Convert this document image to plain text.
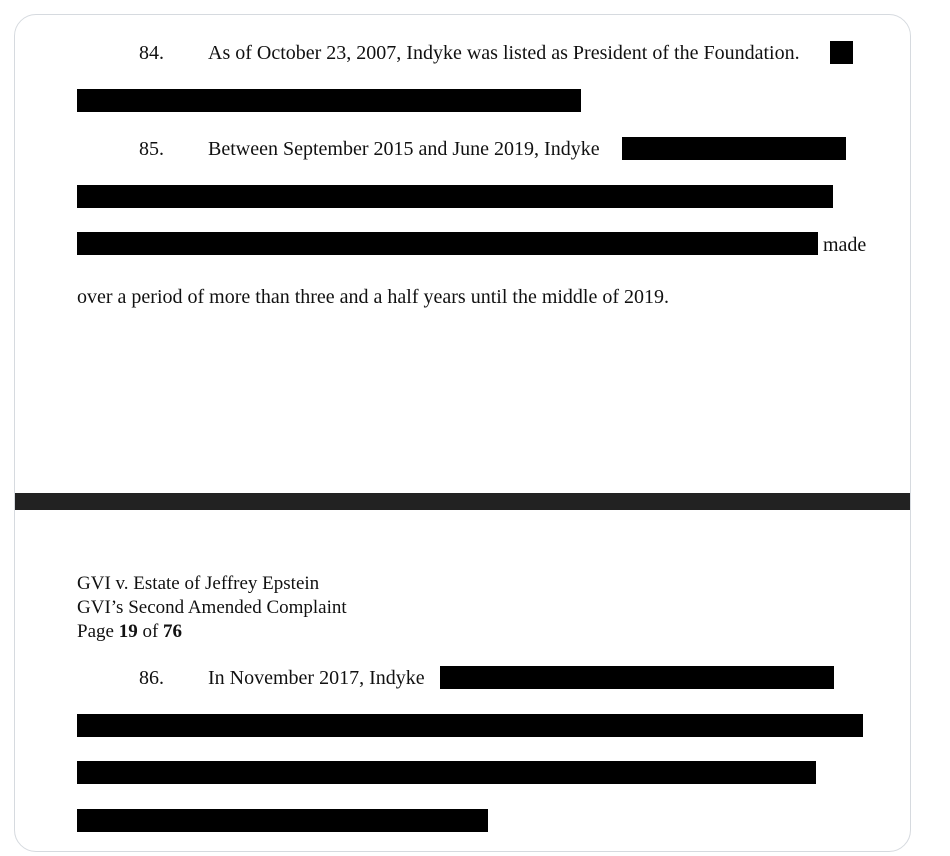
84. As of October 23, 2007, Indyke was listed as President of the Foundation.
85. Between September 2015 and June 2019, Indyke
made
over a period of more than three and a half years until the middle of 2019.
GVI v. Estate of Jeffrey Epstein
GVI’s Second Amended Complaint
Page 19 of 76
86. In November 2017, Indyke
